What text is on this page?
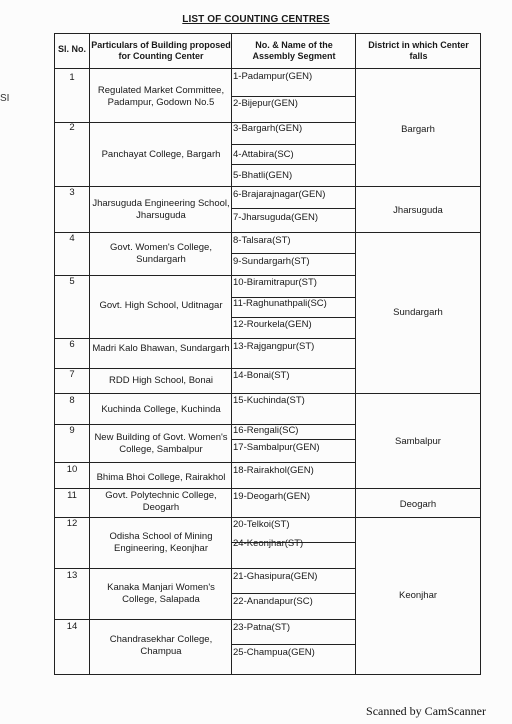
LIST OF COUNTING CENTRES
SI
Sl. No. Particulars of Building proposed for Counting Center
No. & Name of the Assembly Segment
District in which Center falls
1
2
3
4
5
6
7
8
9
10
11
12
13
14
Regulated Market Committee, Padampur, Godown No.5
Panchayat College, Bargarh
Jharsuguda Engineering School, Jharsuguda
Govt. Women's College, Sundargarh
Govt. High School, Uditnagar
Madri Kalo Bhawan, Sundargarh
RDD High School, Bonai
Kuchinda College, Kuchinda
New Building of Govt. Women's College, Sambalpur
Bhima Bhoi College, Rairakhol
Govt. Polytechnic College, Deogarh
Odisha School of Mining Engineering, Keonjhar
Kanaka Manjari Women's College, Salapada
Chandrasekhar College, Champua
1-Padampur(GEN)
2-Bijepur(GEN)
3-Bargarh(GEN)
4-Attabira(SC)
5-Bhatli(GEN)
6-Brajarajnagar(GEN)
7-Jharsuguda(GEN)
8-Talsara(ST)
9-Sundargarh(ST)
10-Biramitrapur(ST)
11-Raghunathpali(SC)
12-Rourkela(GEN)
13-Rajgangpur(ST)
14-Bonai(ST)
15-Kuchinda(ST)
16-Rengali(SC)
17-Sambalpur(GEN)
18-Rairakhol(GEN)
19-Deogarh(GEN)
20-Telkoi(ST)
24-Keonjhar(ST)
21-Ghasipura(GEN)
22-Anandapur(SC)
23-Patna(ST)
25-Champua(GEN)
Bargarh
Jharsuguda
Sundargarh
Sambalpur
Deogarh
Keonjhar
Scanned by CamScanner
